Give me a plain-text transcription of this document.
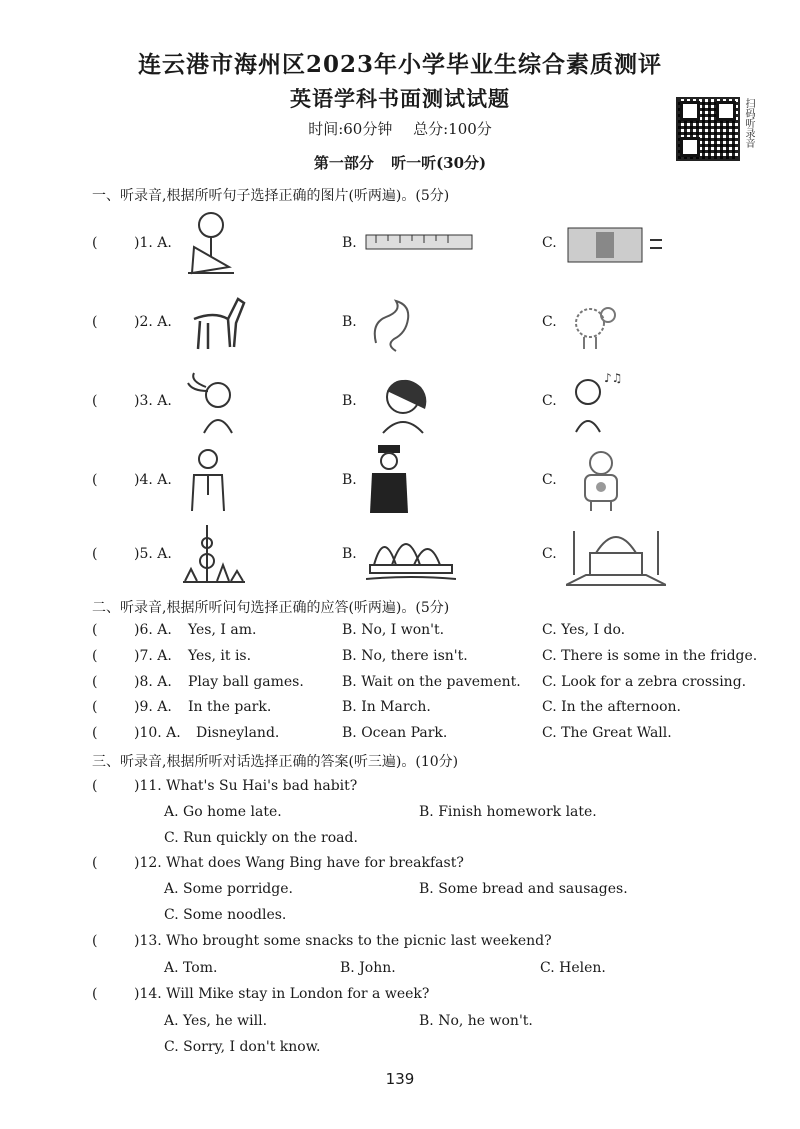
连云港市海州区2023年小学毕业生综合素质测评
英语学科书面测试试题
时间:60分钟 总分:100分	扫码听录音
第一部分 听一听(30分)
一、听录音,根据所听句子选择正确的图片(听两遍)。(5分)
(	)1. A.	B.	C.
(	)2. A.	B.	C.
(	)3. A.	B.	C.
♪♫
(	)4. A.	B.	C.
(	)5. A.	B.	C.
二、听录音,根据所听问句选择正确的应答(听两遍)。(5分)
(	)6. A. Yes, I am.	B. No, I won't.	C. Yes, I do.
(	)7. A. Yes, it is.	B. No, there isn't.	C. There is some in the fridge.
(	)8. A. Play ball games.	B. Wait on the pavement. C. Look for a zebra crossing.
(	)9. A. In the park.	B. In March.	C. In the afternoon.
(	)10. A. Disneyland.	B. Ocean Park.	C. The Great Wall.
三、听录音,根据所听对话选择正确的答案(听三遍)。(10分)
(	)11. What's Su Hai's bad habit?
A. Go home late.	B. Finish homework late.
C. Run quickly on the road.
(	)12. What does Wang Bing have for breakfast?
A. Some porridge.	B. Some bread and sausages.
C. Some noodles.
(	)13. Who brought some snacks to the picnic last weekend?
A. Tom.	B. John.	C. Helen.
(	)14. Will Mike stay in London for a week?
A. Yes, he will.	B. No, he won't.
C. Sorry, I don't know.
139
